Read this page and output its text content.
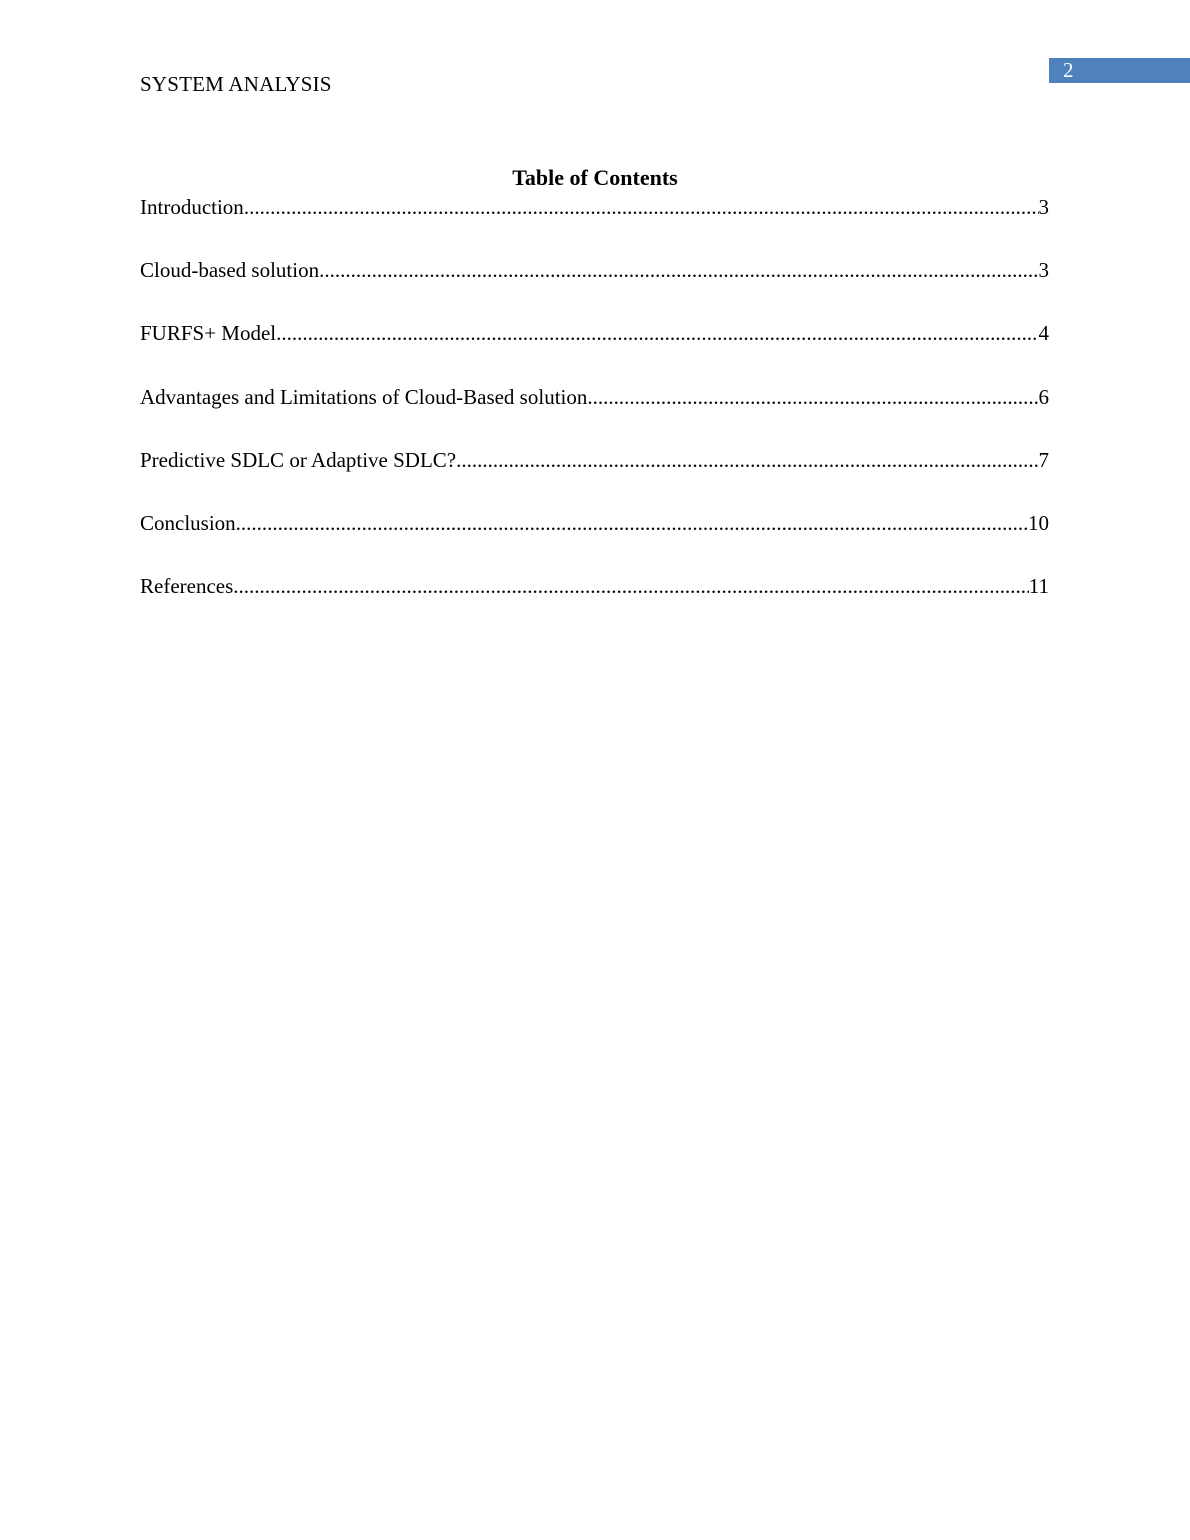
2
SYSTEM ANALYSIS
Table of Contents
Introduction .....	3
Cloud-based solution .....	3
FURFS+ Model .....	4
Advantages and Limitations of Cloud-Based solution .....	6
Predictive SDLC or Adaptive SDLC? .....	7
Conclusion .....	10
References .....	11
